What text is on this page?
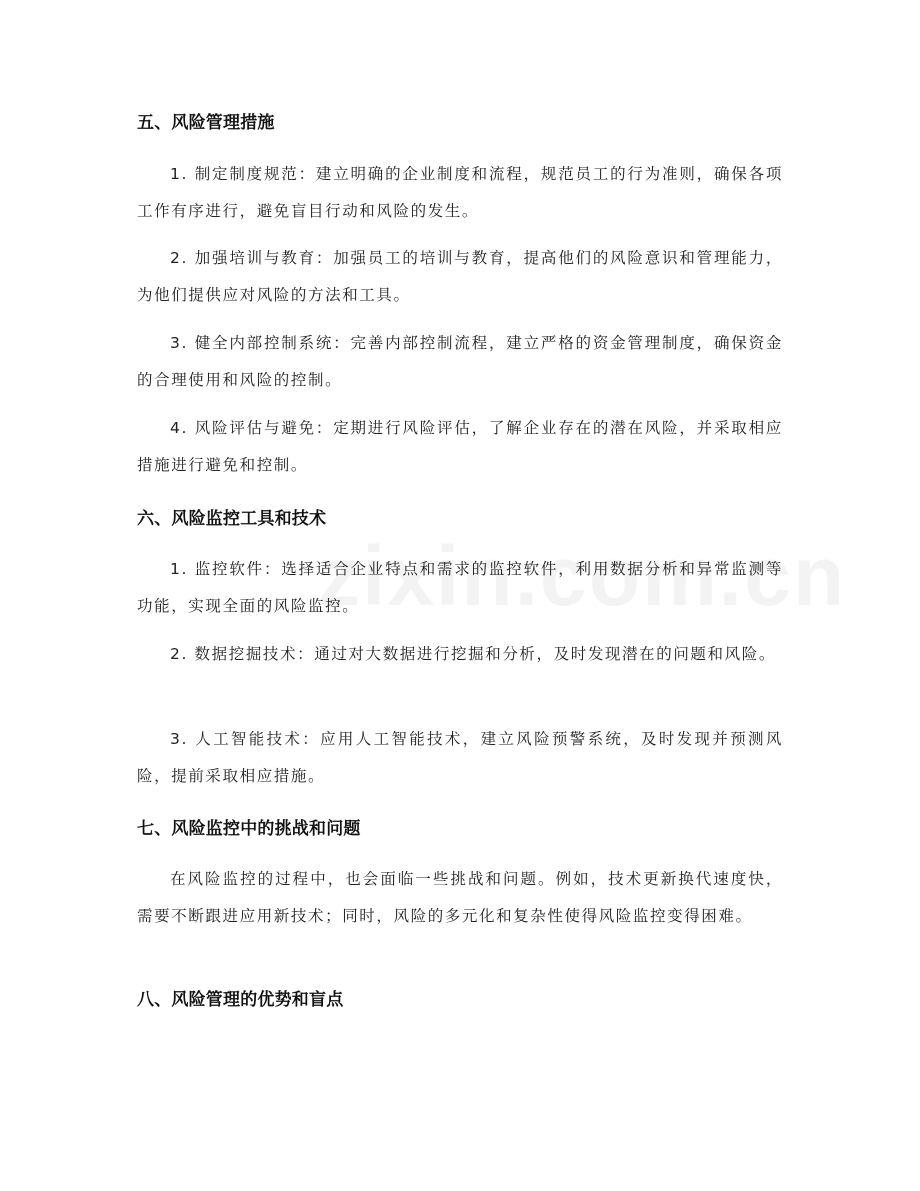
五、风险管理措施

1. 制定制度规范：建立明确的企业制度和流程，规范员工的行为准则，确保各项工作有序进行，避免盲目行动和风险的发生。

2. 加强培训与教育：加强员工的培训与教育，提高他们的风险意识和管理能力，为他们提供应对风险的方法和工具。

3. 健全内部控制系统：完善内部控制流程，建立严格的资金管理制度，确保资金的合理使用和风险的控制。

4. 风险评估与避免：定期进行风险评估，了解企业存在的潜在风险，并采取相应措施进行避免和控制。

六、风险监控工具和技术

1. 监控软件：选择适合企业特点和需求的监控软件，利用数据分析和异常监测等功能，实现全面的风险监控。

2. 数据挖掘技术：通过对大数据进行挖掘和分析，及时发现潜在的问题和风险。

3. 人工智能技术：应用人工智能技术，建立风险预警系统，及时发现并预测风险，提前采取相应措施。

七、风险监控中的挑战和问题

在风险监控的过程中，也会面临一些挑战和问题。例如，技术更新换代速度快，需要不断跟进应用新技术；同时，风险的多元化和复杂性使得风险监控变得困难。

八、风险管理的优势和盲点
